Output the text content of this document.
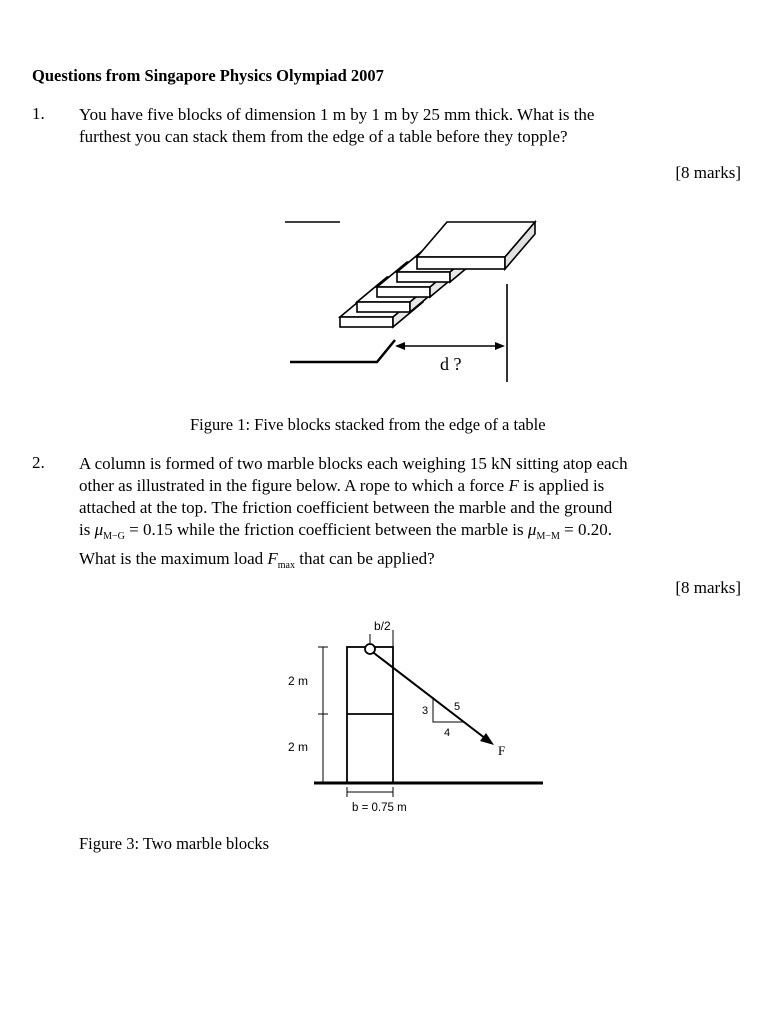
Questions from Singapore Physics Olympiad 2007
1. You have five blocks of dimension 1 m by 1 m by 25 mm thick. What is the
furthest you can stack them from the edge of a table before they topple?
[8 marks]
d ?
Figure 1: Five blocks stacked from the edge of a table
2. A column is formed of two marble blocks each weighing 15 kN sitting atop each
other as illustrated in the figure below. A rope to which a force F is applied is
attached at the top. The friction coefficient between the marble and the ground
is $\mu_{M-G} = 0.15$ while the friction coefficient between the marble is $\mu_{M-M} = 0.20$.
What is the maximum load $F_{max}$ that can be applied?
[8 marks]
b/2
2 m
2 m
3
4
5
F
b = 0.75 m
Figure 3: Two marble blocks
